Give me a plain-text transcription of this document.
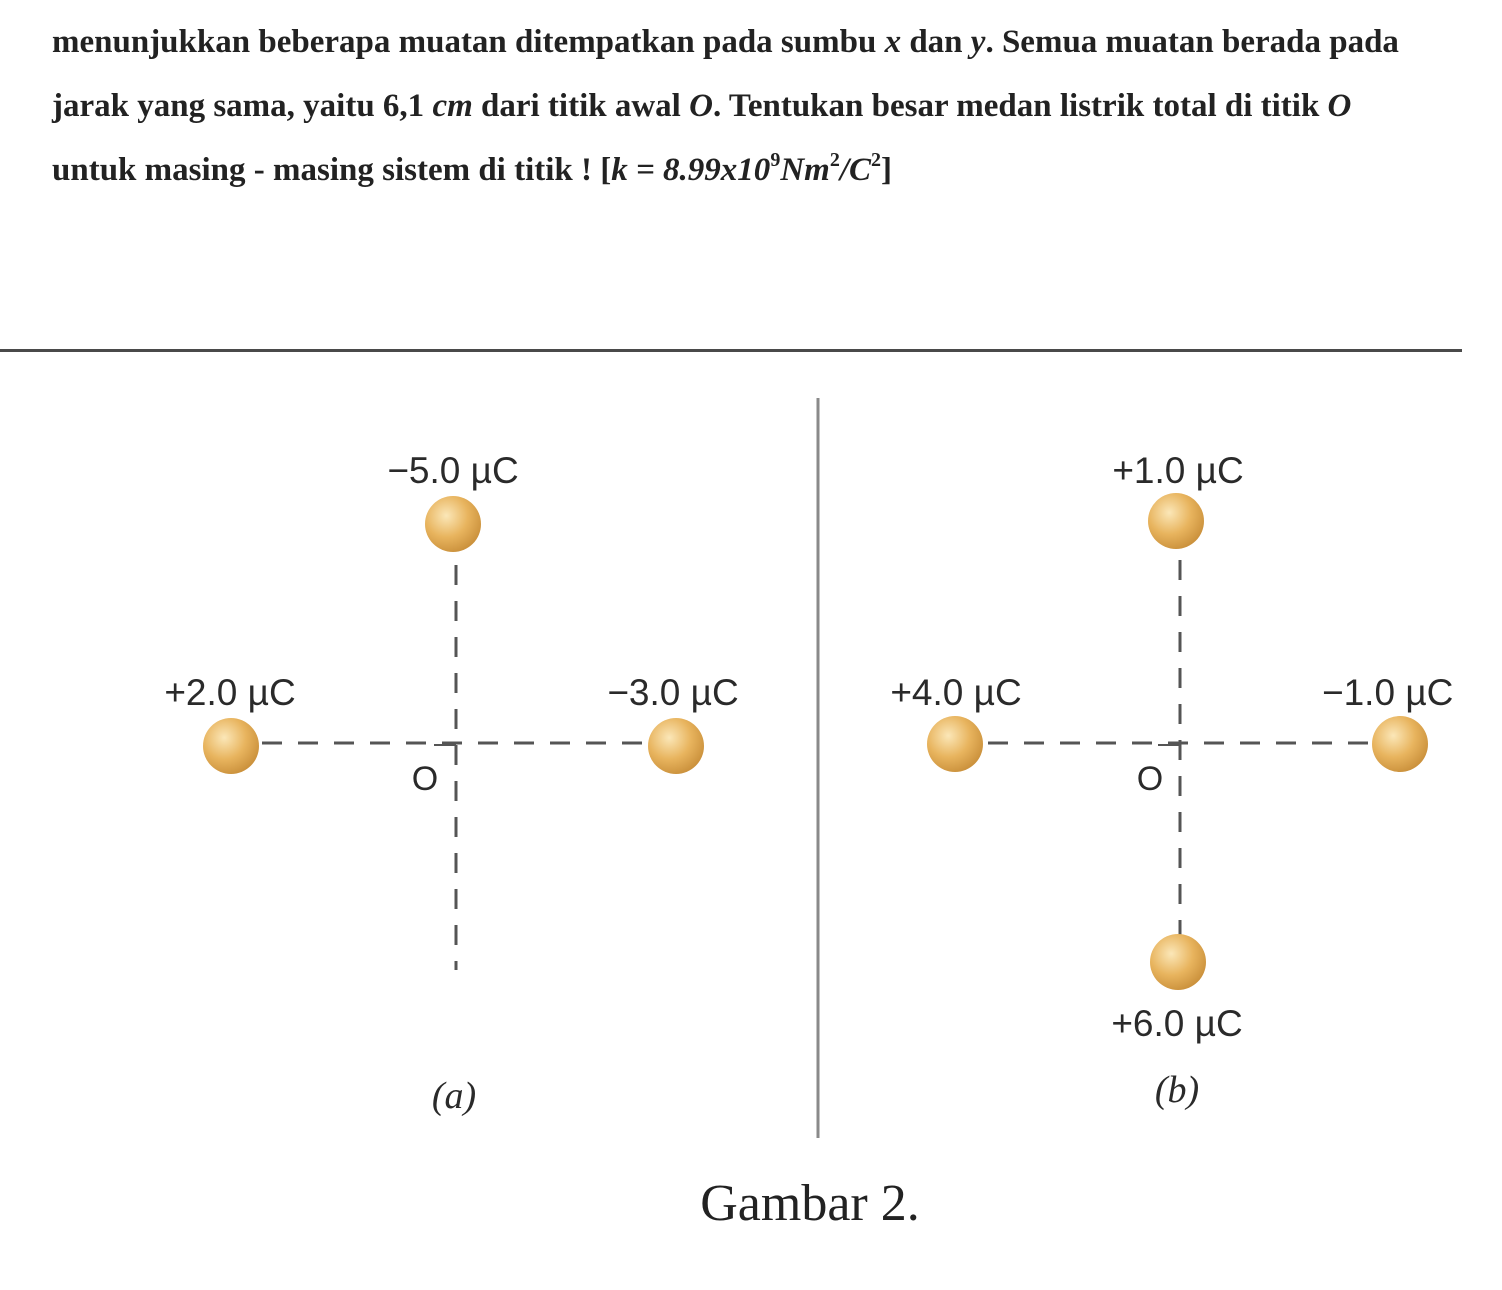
menunjukkan beberapa muatan ditempatkan pada sumbu x dan y. Semua muatan berada pada
jarak yang sama, yaitu 6,1 cm dari titik awal O. Tentukan besar medan listrik total di titik O
untuk masing - masing sistem di titik ! $[k = 8.99x10^9Nm^2/C^2]$

−5.0 µC
+2.0 µC	−3.0 µC
O
(a)
+1.0 µC
+4.0 µC	−1.0 µC
+6.0 µC
O
(b)
Gambar 2.
